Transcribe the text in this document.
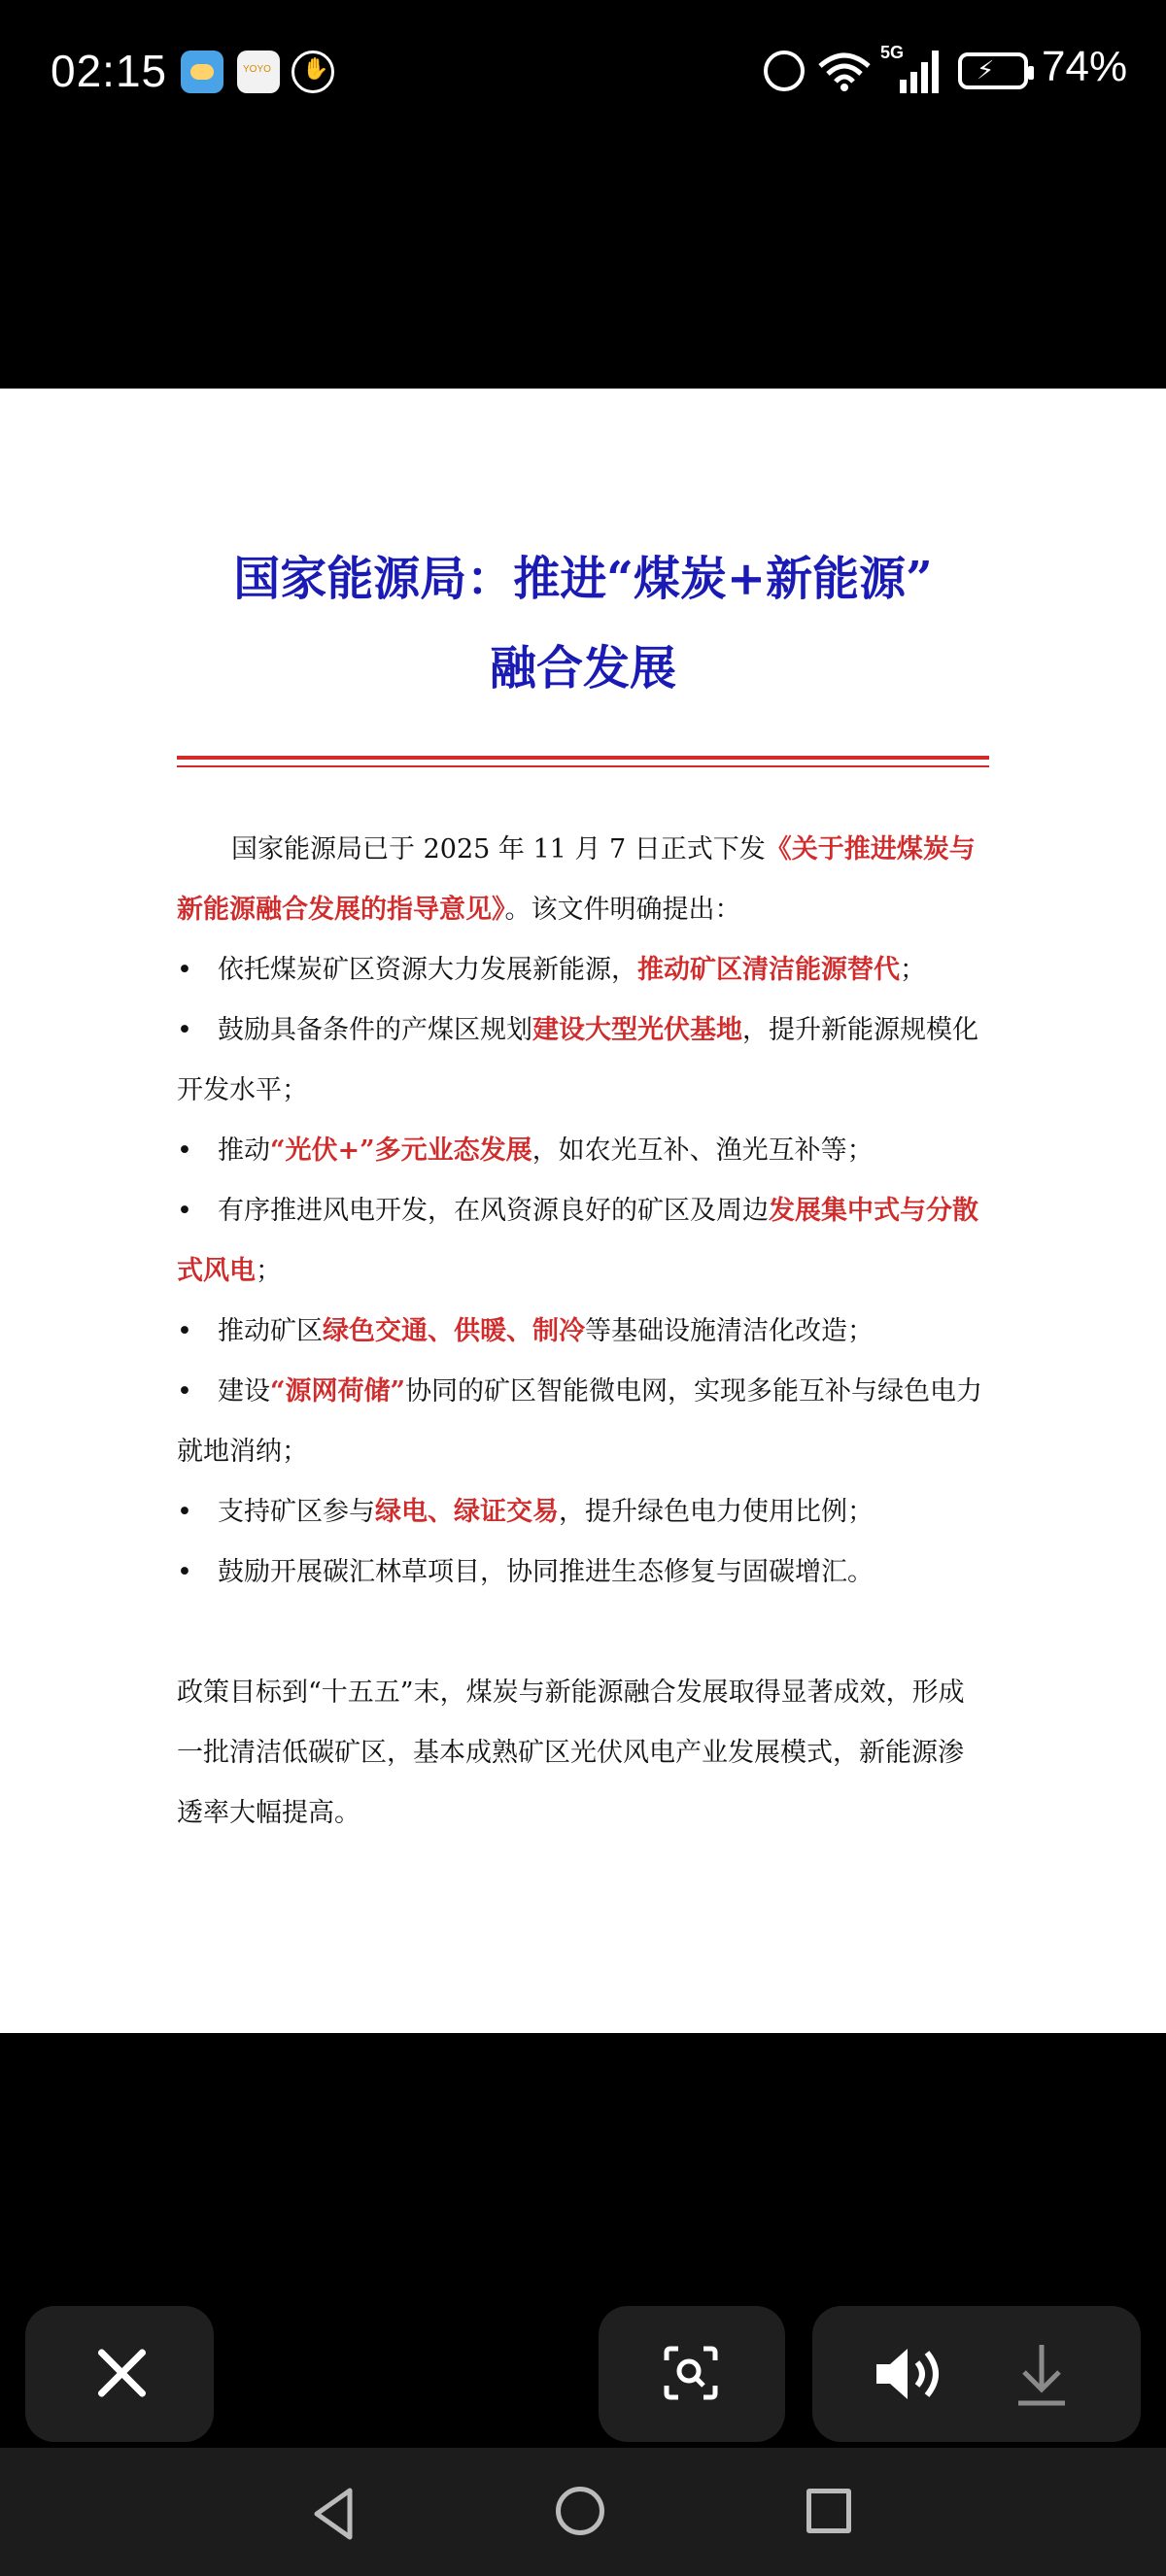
02:15 YOYO ✋	5G
⚡ 74%
国家能源局：推进“煤炭+新能源”
融合发展
国家能源局已于 2025 年 11 月 7 日正式下发《关于推进煤炭与新能源融合发展的指导意见》。该文件明确提出：
• 依托煤炭矿区资源大力发展新能源，推动矿区清洁能源替代；
• 鼓励具备条件的产煤区规划建设大型光伏基地，提升新能源规模化开发水平；
• 推动“光伏+”多元业态发展，如农光互补、渔光互补等；
• 有序推进风电开发，在风资源良好的矿区及周边发展集中式与分散式风电；
• 推动矿区绿色交通、供暖、制冷等基础设施清洁化改造；
• 建设“源网荷储”协同的矿区智能微电网，实现多能互补与绿色电力就地消纳；
• 支持矿区参与绿电、绿证交易，提升绿色电力使用比例；
• 鼓励开展碳汇林草项目，协同推进生态修复与固碳增汇。
政策目标到“十五五”末，煤炭与新能源融合发展取得显著成效，形成一批清洁低碳矿区，基本成熟矿区光伏风电产业发展模式，新能源渗透率大幅提高。
